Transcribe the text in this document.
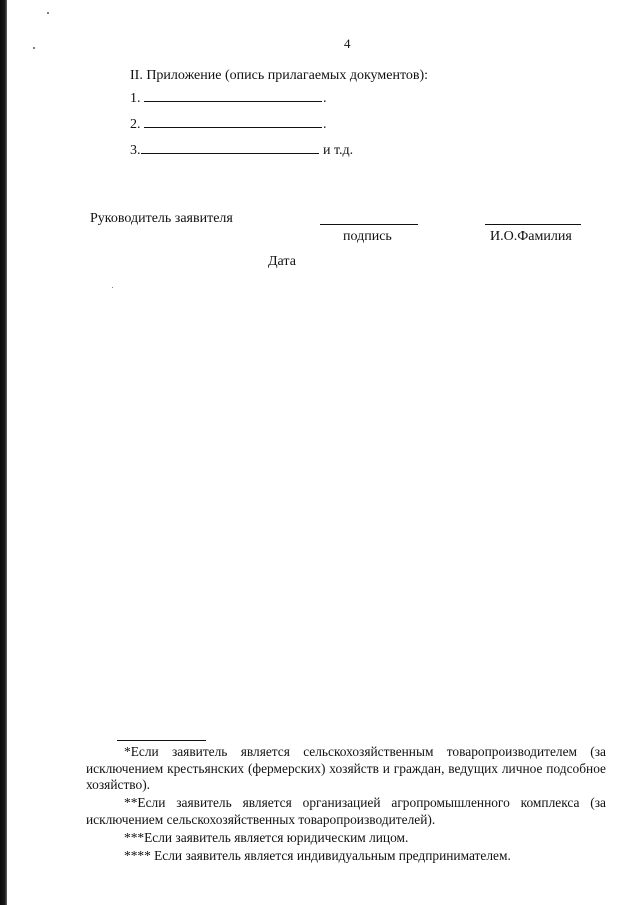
4
II. Приложение (опись прилагаемых документов):
1.	.
2.	.
3.	и т.д.
Руководитель заявителя
подпись	И.О.Фамилия
Дата

*Если заявитель является сельскохозяйственным товаропроизводителем (за исключением крестьянских (фермерских) хозяйств и граждан, ведущих личное подсобное хозяйство).

**Если заявитель является организацией агропромышленного комплекса (за исключением сельскохозяйственных товаропроизводителей).

***Если заявитель является юридическим лицом.

**** Если заявитель является индивидуальным предпринимателем.
